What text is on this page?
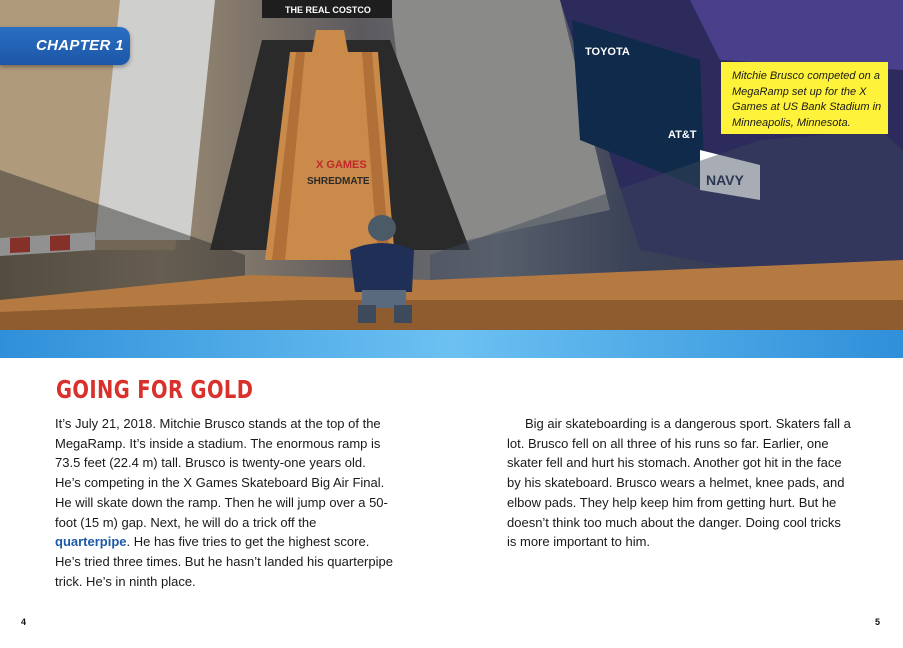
TOYOTA
AT&T
THE REAL COSTCO
X GAMES
SHREDMATE
CHAPTER 1
Mitchie Brusco competed on a MegaRamp set up for the X Games at US Bank Stadium in Minneapolis, Minnesota.
GOING FOR GOLD

It’s July 21, 2018. Mitchie Brusco stands at the top of the MegaRamp. It’s inside a stadium. The enormous ramp is 73.5 feet (22.4 m) tall. Brusco is twenty-one years old. He’s competing in the X Games Skateboard Big Air Final. He will skate down the ramp. Then he will jump over a 50-foot (15 m) gap. Next, he will do a trick off the quarterpipe. He has five tries to get the highest score. He’s tried three times. But he hasn’t landed his quarterpipe trick. He’s in ninth place.

Big air skateboarding is a dangerous sport. Skaters fall a lot. Brusco fell on all three of his runs so far. Earlier, one skater fell and hurt his stomach. Another got hit in the face by his skateboard. Brusco wears a helmet, knee pads, and elbow pads. They help keep him from getting hurt. But he doesn’t think too much about the danger. Doing cool tricks is more important to him.

4	5
